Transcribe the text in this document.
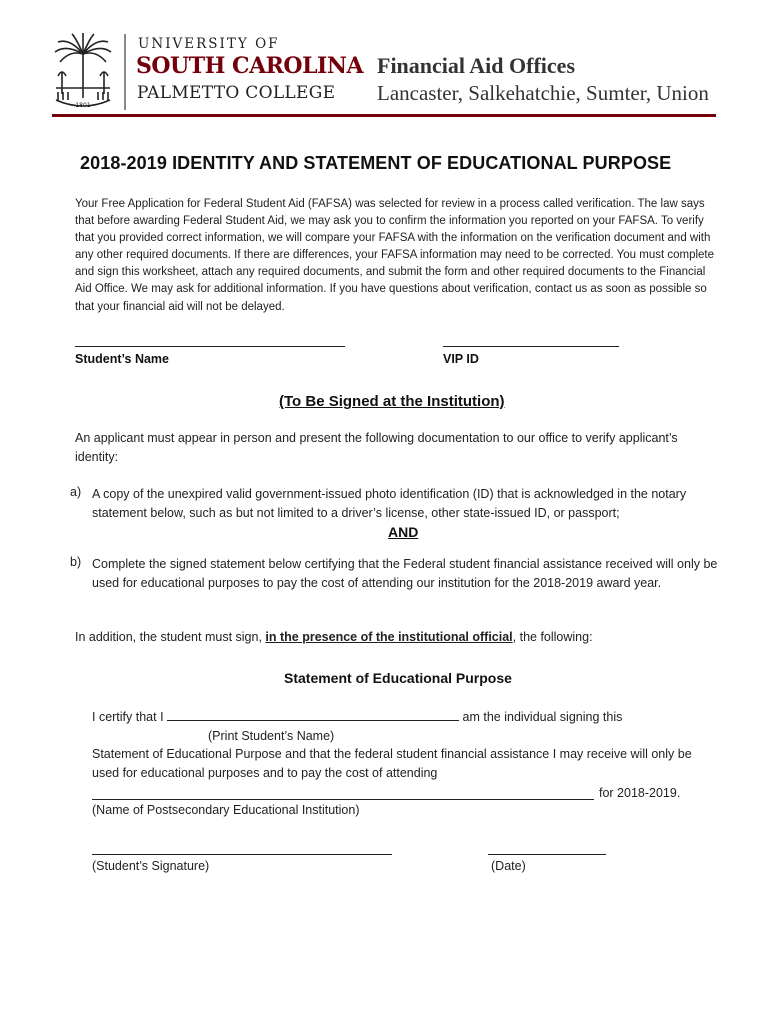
1801
UNIVERSITY OF
SOUTH CAROLINA
PALMETTO COLLEGE
Financial Aid Offices
Lancaster, Salkehatchie, Sumter, Union
2018-2019 IDENTITY AND STATEMENT OF EDUCATIONAL PURPOSE
Your Free Application for Federal Student Aid (FAFSA) was selected for review in a process called verification. The law says that before awarding Federal Student Aid, we may ask you to confirm the information you reported on your FAFSA. To verify that you provided correct information, we will compare your FAFSA with the information on the verification document and with any other required documents. If there are differences, your FAFSA information may need to be corrected. You must complete and sign this worksheet, attach any required documents, and submit the form and other required documents to the Financial Aid Office. We may ask for additional information. If you have questions about verification, contact us as soon as possible so that your financial aid will not be delayed.
Student’s Name	VIP ID
(To Be Signed at the Institution)
An applicant must appear in person and present the following documentation to our office to verify applicant’s identity:
a) A copy of the unexpired valid government-issued photo identification (ID) that is acknowledged in the notary statement below, such as but not limited to a driver’s license, other state-issued ID, or passport;
AND
b) Complete the signed statement below certifying that the Federal student financial assistance received will only be used for educational purposes to pay the cost of attending our institution for the 2018-2019 award year.
In addition, the student must sign, in the presence of the institutional official, the following:
Statement of Educational Purpose
I certify that I	am the individual signing this
(Print Student’s Name)
Statement of Educational Purpose and that the federal student financial assistance I may receive will only be used for educational purposes and to pay the cost of attending
for 2018-2019.
(Name of Postsecondary Educational Institution)
(Student’s Signature)	(Date)
